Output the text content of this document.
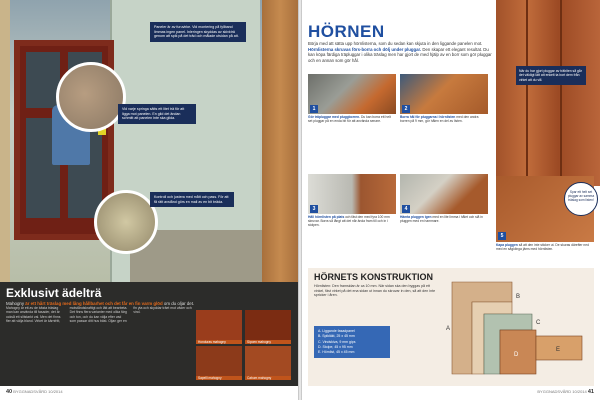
Paneler är av furuvirke. Vid montering på fyllband limmas ingen panel. Inleringen skyddas av skivkträ genom att spik på det träd och målade utsidan på att.
Vid varje springa sätts ett litet trä för att ligga mot panelen. En glid det ändan schmitt att panelen inte ska glida.
Kontroll och justera med mått och pass. För att få rätt avstånd görs en mall av en bit bräda.
Exklusivt ädelträ
Mahogny är ett hårt träslag med lång hållbarhet och det får en fin varm glöd om du oljar det.
Mahogny är ett av de bästa träslag man kan använda till fasader, det är också ett slitstarkt val. Men det finns fler att välja bland. Virket är kärnfritt, motståndskraftigt och lätt att bearbeta. Det finns flera varianter med olika färg och ton, och du kan välja efter vad som passar ditt hus bäst. Oljan ger en fin yta och skyddar träet mot väder och vind.
Honduras mahogny	Sipoen mahogny
Sapelli mahogny	Cabum mahogny
40 BYGGNADSVÅRD 10/2014
HÖRNEN
Börja med att sätta upp hörnlisterna, som du sedan kan skjuta in den liggande panelen mot. Hörnlisterna skruvas förs-borra och dölj under pluggar. Den skapar ett elegant resultat. Du kan köpa färdiga träpluggar i olika träslag men har gjort de med hjälp av en borr som gör pluggar och en annan som gör hål.
När du har gjort pluggar av träbiten så går det väldigt lätt att enkelt ta bort dem från virket att du vill.
1
Gör träpluggar med pluggborren. Du kan borra ett helt set pluggar på en enda bit för att använda senare.
2
Borra hål för pluggarna i hörnlisten med den andra borren på 9 mm, gör hålen en del av listen.
3
Håll hörnlisten på plats och fäst den med fyra 100 mm skruvar. Borra så långt att det når ända fram till och in i stolpen.
4
Hämta pluggen igen med en lite limma i hålet och slå in pluggen med en hammare.
5
Kapa pluggen så att den inte sticker ut. De skuras därefter ned med en sågklinga jäms med hörnlisten.
Spar ett helt set pluggar av samma träslag som listen!
HÖRNETS KONSTRUKTION
Hörnlisten: Den framsidan är ca 10 mm. När sidan ska den byggas på ett vinkel, fäst virket på det ena sidan ut innan du skruvar in den, så att den inte spricker i åren.
A. Liggande fasadpanel
B. Spikläkt, 25 x 45 mm
C. Vindskiva, 9 mm gips
D. Stolpe, 45 x 95 mm
E. Hörnlist, 45 x 45 mm
A
B
C
D
E
BYGGNADSVÅRD 10/2014 41
